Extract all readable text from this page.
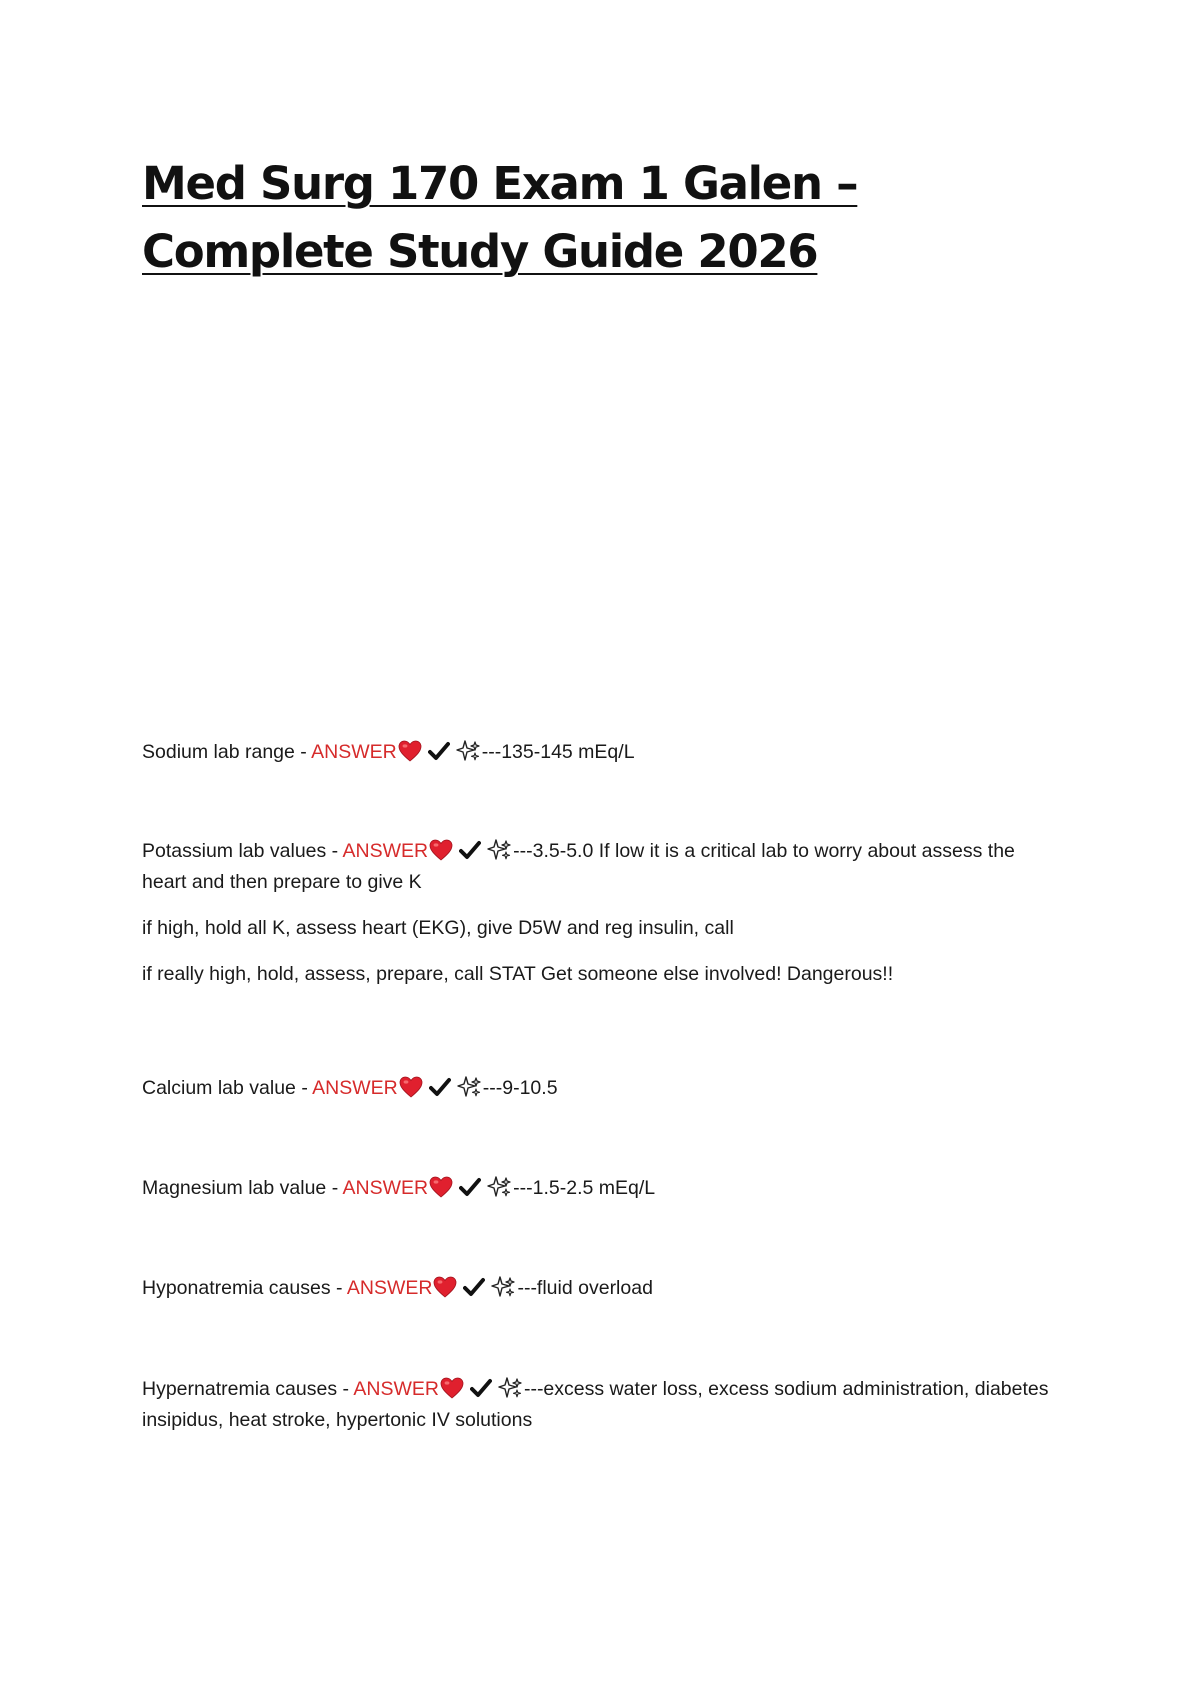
Med Surg 170 Exam 1 Galen – Complete Study Guide 2026
Sodium lab range - ANSWER	---135-145 mEq/L
Potassium lab values - ANSWER	---3.5-5.0 If low it is a critical lab to worry about assess the heart and then prepare to give K
if high, hold all K, assess heart (EKG), give D5W and reg insulin, call
if really high, hold, assess, prepare, call STAT Get someone else involved! Dangerous!!
Calcium lab value - ANSWER	---9-10.5
Magnesium lab value - ANSWER	---1.5-2.5 mEq/L
Hyponatremia causes - ANSWER	---fluid overload
Hypernatremia causes - ANSWER	---excess water loss, excess sodium administration, diabetes insipidus, heat stroke, hypertonic IV solutions
